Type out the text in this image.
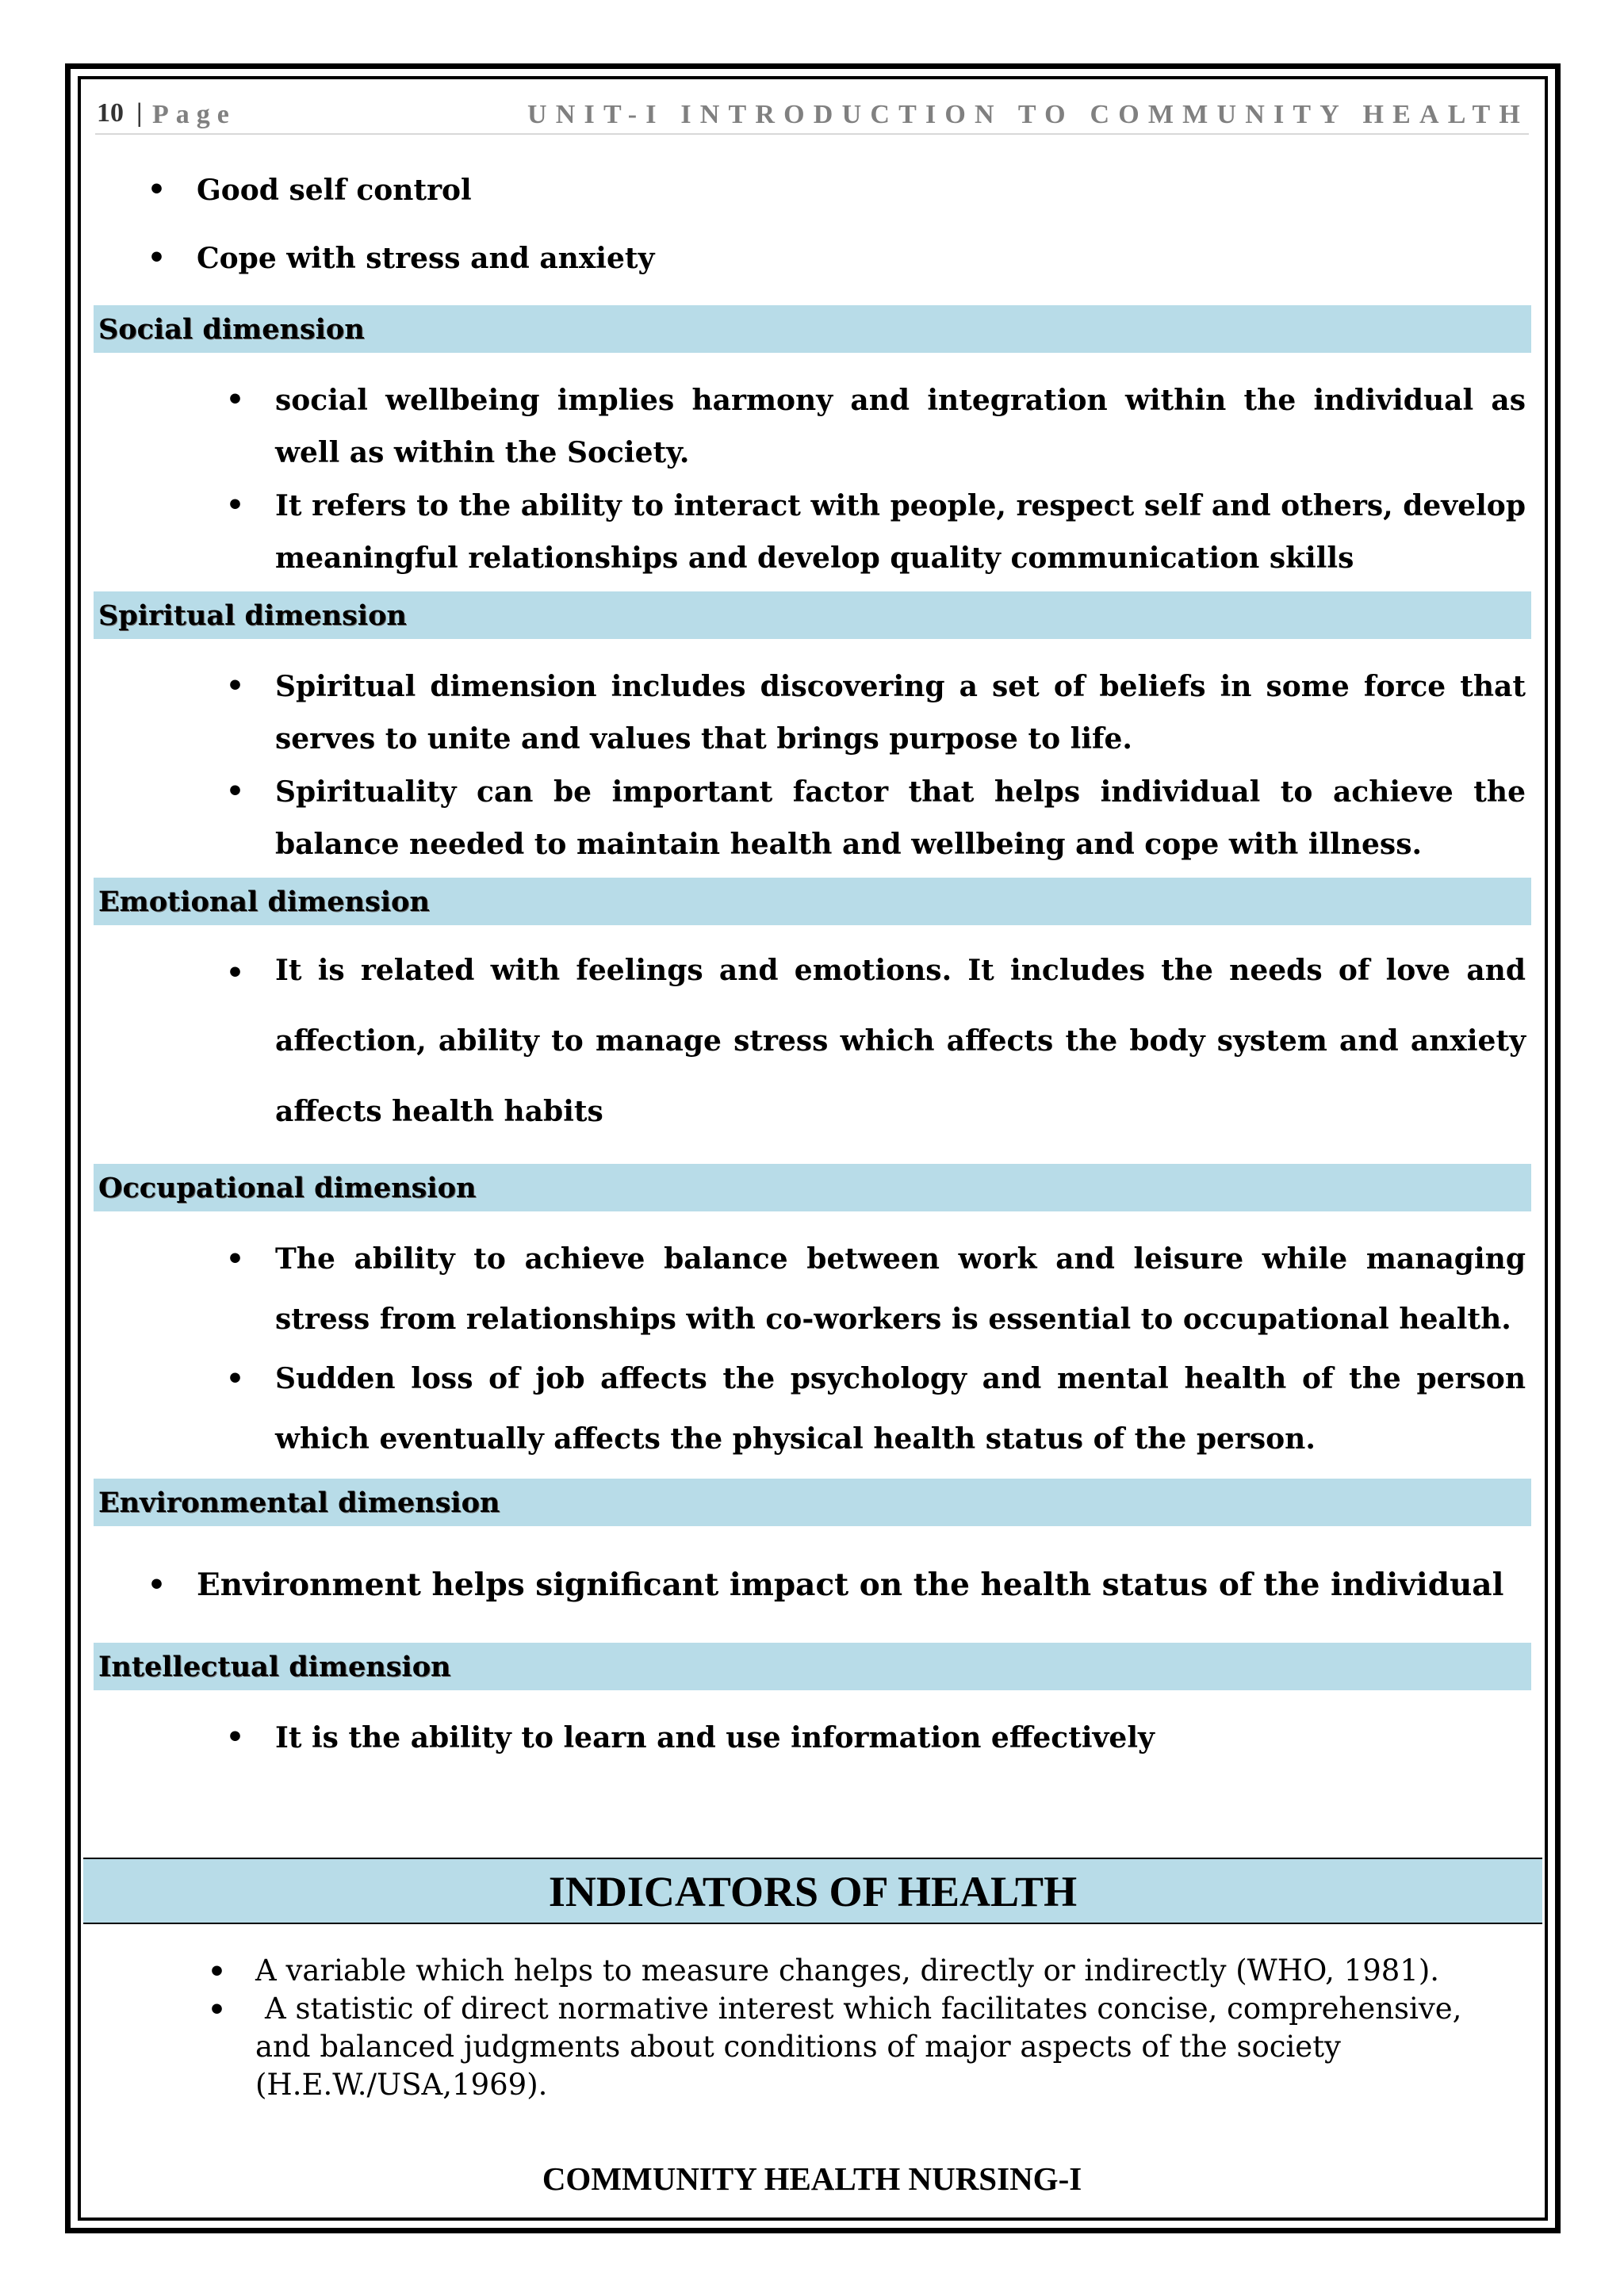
10 | Page	UNIT-I INTRODUCTION TO COMMUNITY HEALTH
• Good self control
• Cope with stress and anxiety
Social dimension
• social wellbeing implies harmony and integration within the individual as well as within the Society.
• It refers to the ability to interact with people, respect self and others, develop meaningful relationships and develop quality communication skills
Spiritual dimension
• Spiritual dimension includes discovering a set of beliefs in some force that serves to unite and values that brings purpose to life.
• Spirituality can be important factor that helps individual to achieve the balance needed to maintain health and wellbeing and cope with illness.
Emotional dimension
• It is related with feelings and emotions. It includes the needs of love and affection, ability to manage stress which affects the body system and anxiety affects health habits
Occupational dimension
• The ability to achieve balance between work and leisure while managing stress from relationships with co-workers is essential to occupational health.
• Sudden loss of job affects the psychology and mental health of the person which eventually affects the physical health status of the person.
Environmental dimension
• Environment helps significant impact on the health status of the individual
Intellectual dimension
• It is the ability to learn and use information effectively
INDICATORS OF HEALTH
• A variable which helps to measure changes, directly or indirectly (WHO, 1981).
•	A statistic of direct normative interest which facilitates concise, comprehensive, and balanced judgments about conditions of major aspects of the society (H.E.W./USA,1969).
COMMUNITY HEALTH NURSING-I
